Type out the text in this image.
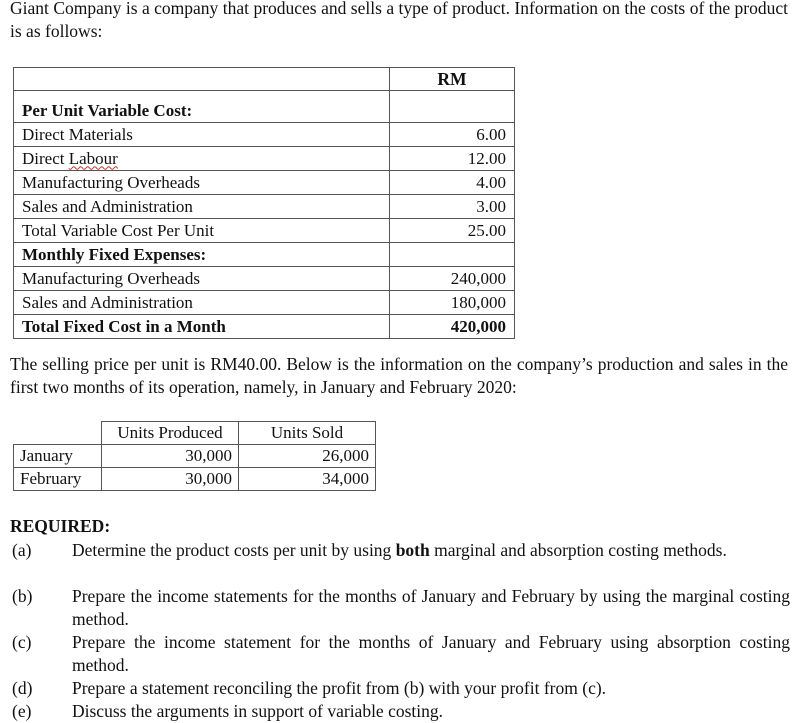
Giant Company is a company that produces and sells a type of product. Information on the costs of the product is as follows:

	RM

Per Unit Variable Cost:	
Direct Materials	6.00
Direct Labour	12.00
Manufacturing Overheads	4.00
Sales and Administration	3.00
Total Variable Cost Per Unit	25.00
Monthly Fixed Expenses:	
Manufacturing Overheads	240,000
Sales and Administration	180,000
Total Fixed Cost in a Month	420,000

The selling price per unit is RM40.00. Below is the information on the company’s production and sales in the first two months of its operation, namely, in January and February 2020:

	Units Produced	Units Sold
January	30,000	26,000
February	30,000	34,000

REQUIRED:

(a) Determine the product costs per unit by using both marginal and absorption costing methods.
(b) Prepare the income statements for the months of January and February by using the marginal costing method.
(c) Prepare the income statement for the months of January and February using absorption costing method.
(d) Prepare a statement reconciling the profit from (b) with your profit from (c).
(e) Discuss the arguments in support of variable costing.
